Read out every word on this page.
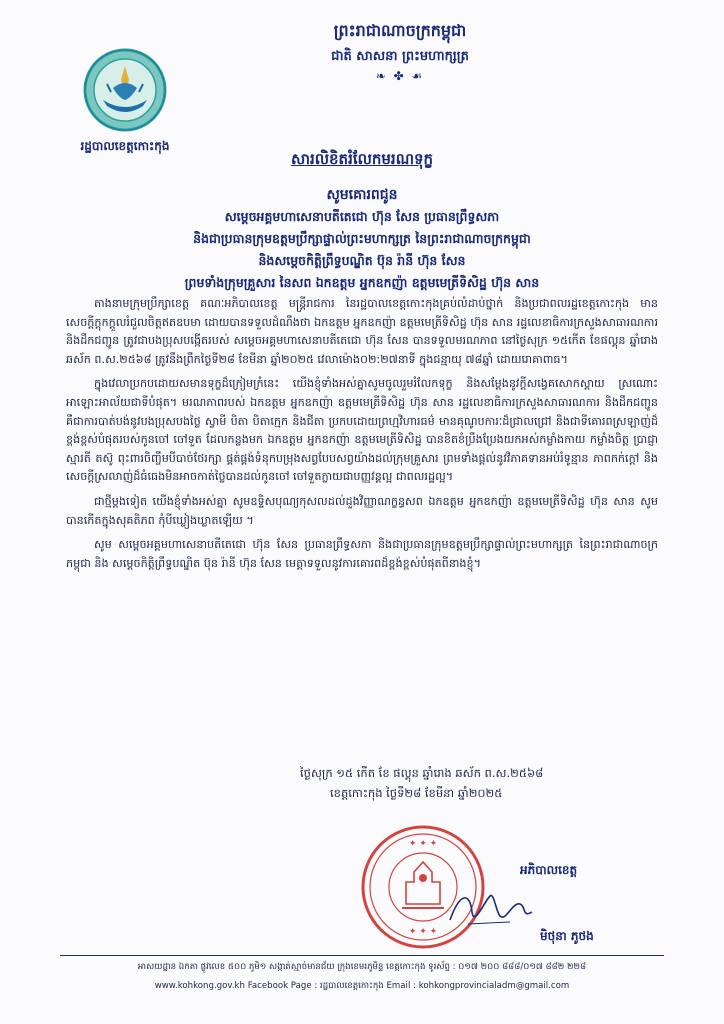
ព្រះរាជាណាចក្រកម្ពុជា
ជាតិ សាសនា ព្រះមហាក្សត្រ
❧ ✤ ☙
រដ្ឋបាលខេត្តកោះកុង
សារលិខិតរំលែកមរណទុក្ខ
សូមគោរពជូន
សម្តេចអគ្គមហាសេនាបតីតេជោ ហ៊ុន សែន ប្រធានព្រឹទ្ធសភា
និងជាប្រធានក្រុមឧត្តមប្រឹក្សាផ្ទាល់ព្រះមហាក្សត្រ នៃព្រះរាជាណាចក្រកម្ពុជា
និងសម្តេចកិត្តិព្រឹទ្ធបណ្ឌិត ប៊ុន រ៉ានី ហ៊ុន សែន
ព្រមទាំងក្រុមគ្រួសារ នៃសព ឯកឧត្តម អ្នកឧកញ៉ា ឧត្តមមេត្រីទិសិដ្ឋ ហ៊ុន សាន

តាងនាមក្រុមប្រឹក្សាខេត្ត គណៈអភិបាលខេត្ត មន្ត្រីរាជការ នៃរដ្ឋបាលខេត្តកោះកុងគ្រប់លំដាប់ថ្នាក់ និងប្រជាពលរដ្ឋខេត្តកោះកុង មានសេចក្តីក្តុកក្តួលរំជួលចិត្តឥតឧបមា ដោយបានទទួលដំណឹងថា ឯកឧត្តម អ្នកឧកញ៉ា ឧត្តមមេត្រីទិសិដ្ឋ ហ៊ុន សាន រដ្ឋលេខាធិការក្រសួងសាធារណការ និងដឹកជញ្ជូន ត្រូវជាបងប្រុសបង្កើតរបស់ សម្តេចអគ្គមហាសេនាបតីតេជោ ហ៊ុន សែន បានទទួលមរណភាព នៅថ្ងៃសុក្រ ១៥កើត ខែផល្គុន ឆ្នាំរោង ឆស័ក ព.ស.២៥៦៨ ត្រូវនឹងព្រឹកថ្ងៃទី២៨ ខែមីនា ឆ្នាំ២០២៥ វេលាម៉ោង០២:២៧នាទី ក្នុងជន្មាយុ ៧៨ឆ្នាំ ដោយរោគាពាធ។

ក្នុងវេលាប្រកបដោយសមានទុក្ខដ៏ក្រៀមក្រំនេះ យើងខ្ញុំទាំងអស់គ្នាសូមចូលរួមរំលែកទុក្ខ និងសម្តែងនូវក្តីសង្វេគសោកស្តាយ ស្រណោះអាឡោះអាល័យជាទីបំផុត។ មរណភាពរបស់ ឯកឧត្តម អ្នកឧកញ៉ា ឧត្តមមេត្រីទិសិដ្ឋ ហ៊ុន សាន រដ្ឋលេខាធិការក្រសួងសាធារណការ និងដឹកជញ្ជូន គឺជាការបាត់បង់នូវបងប្រុសបងថ្លៃ ស្វាមី បិតា បិតាក្មេក និងជីតា ប្រកបដោយព្រហ្មវិហារធម៌ មានគុណូបការៈដ៏ជ្រាលជ្រៅ និងជាទីគោរពស្រឡាញ់ដ៏ខ្ពង់ខ្ពស់បំផុតរបស់កូនចៅ ចៅទួត ដែលកន្លងមក ឯកឧត្តម អ្នកឧកញ៉ា ឧត្តមមេត្រីទិសិដ្ឋ បានខិតខំប្រឹងប្រែងយកអស់កម្លាំងកាយ កម្លាំងចិត្ត ប្រាជ្ញាស្មារតី តស៊ូ ពុះពារចិញ្ចឹមបីបាច់ថែរក្សា ផ្គត់ផ្គង់ទំនុកបម្រុងសព្វបែបសព្វយ៉ាងដល់ក្រុមគ្រួសារ ព្រមទាំងផ្តល់នូវវិភាគទានអប់រំទូន្មាន ភាពកក់ក្តៅ និងសេចក្តីស្រលាញ់ដ៏ធំធេងមិនអាចកាត់ថ្លៃបានដល់កូនចៅ ចៅទួតក្លាយជាបញ្ញវន្តល្អ ជាពលរដ្ឋល្អ។

ជាថ្មីម្តងទៀត យើងខ្ញុំទាំងអស់គ្នា សូមឧទ្ទិសបុណ្យកុសលដល់ដួងវិញ្ញាណក្ខន្ធសព ឯកឧត្តម អ្នកឧកញ៉ា ឧត្តមមេត្រីទិសិដ្ឋ ហ៊ុន សាន សូមបានកើតក្នុងសុគតិភព កុំបីឃ្លៀងឃ្លាតឡើយ ។

សូម សម្តេចអគ្គមហាសេនាបតីតេជោ ហ៊ុន សែន ប្រធានព្រឹទ្ធសភា និងជាប្រធានក្រុមឧត្តមប្រឹក្សាផ្ទាល់ព្រះមហាក្សត្រ នៃព្រះរាជាណាចក្រកម្ពុជា និង សម្តេចកិត្តិព្រឹទ្ធបណ្ឌិត ប៊ុន រ៉ានី ហ៊ុន សែន មេត្តាទទួលនូវការគោរពដ៏ខ្ពង់ខ្ពស់បំផុតពីនាងខ្ញុំ។

ថ្ងៃសុក្រ ១៥ កើត ខែ ផល្គុន ឆ្នាំរោង ឆស័ក ព.ស.២៥៦៨
ខេត្តកោះកុង ថ្ងៃទី២៨ ខែមីនា ឆ្នាំ២០២៥
✦ ✦ ✦
✦ ✦ ✦
អភិបាលខេត្ត
មិថុនា ភូថង
អាសយដ្ឋាន ឯកតា ផ្លូវលេខ ៥០០ ភូមិ១ សង្កាត់ស្មាច់មានជ័យ ក្រុងខេមរភូមិន្ទ ខេត្តកោះកុង ទូរស័ព្ទ : ០១៧ ២០០ ៨៨៨/០១៧ ៨៨២ ២២៨
www.kohkong.gov.kh Facebook Page : រដ្ឋបាលខេត្តកោះកុង Email : kohkongprovincialadm@gmail.com
